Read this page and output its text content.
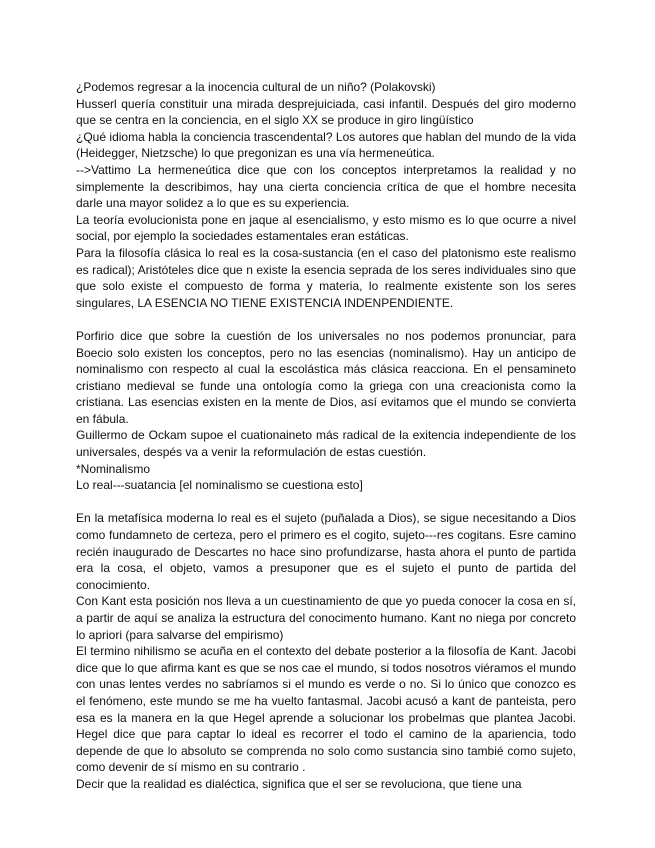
¿Podemos regresar a la inocencia cultural de un niño? (Polakovski)

Husserl quería constituir una mirada desprejuiciada, casi infantil. Después del giro moderno que se centra en la conciencia, en el siglo XX se produce in giro lingüístico

¿Qué idioma habla la conciencia trascendental? Los autores que hablan del mundo de la vida (Heidegger, Nietzsche) lo que pregonizan es una vía hermeneútica.

-->Vattimo La hermeneútica dice que con los conceptos interpretamos la realidad y no simplemente la describimos, hay una cierta conciencia crítica de que el hombre necesita darle una mayor solidez a lo que es su experiencia.

La teoría evolucionista pone en jaque al esencialismo, y esto mismo es lo que ocurre a nivel social, por ejemplo la sociedades estamentales eran estáticas.

Para la filosofía clásica lo real es la cosa-sustancia (en el caso del platonismo este realismo es radical); Aristóteles dice que n existe la esencia seprada de los seres individuales sino que que solo existe el compuesto de forma y materia, lo realmente existente son los seres singulares, LA ESENCIA NO TIENE EXISTENCIA INDENPENDIENTE.

Porfirio dice que sobre la cuestión de los universales no nos podemos pronunciar, para Boecio solo existen los conceptos, pero no las esencias (nominalismo). Hay un anticipo de nominalismo con respecto al cual la escolástica más clásica reacciona. En el pensamineto cristiano medieval se funde una ontología como la griega con una creacionista como la cristiana. Las esencias existen en la mente de Dios, así evitamos que el mundo se convierta en fábula.

Guillermo de Ockam supoe el cuationaineto más radical de la exitencia independiente de los universales, despés va a venir la reformulación de estas cuestión.

*Nominalismo

Lo real---suatancia [el nominalismo se cuestiona esto]

En la metafísica moderna lo real es el sujeto (puñalada a Dios), se sigue necesitando a Dios como fundamneto de certeza, pero el primero es el cogito, sujeto---res cogitans. Esre camino recién inaugurado de Descartes no hace sino profundizarse, hasta ahora el punto de partida era la cosa, el objeto, vamos a presuponer que es el sujeto el punto de partida del conocimiento.

Con Kant esta posición nos lleva a un cuestinamiento de que yo pueda conocer la cosa en sí, a partir de aquí se analiza la estructura del conocimento humano. Kant no niega por concreto lo apriori (para salvarse del empirismo)

El termino nihilismo se acuña en el contexto del debate posterior a la filosofía de Kant. Jacobi dice que lo que afirma kant es que se nos cae el mundo, si todos nosotros viéramos el mundo con unas lentes verdes no sabríamos si el mundo es verde o no. Si lo único que conozco es el fenómeno, este mundo se me ha vuelto fantasmal. Jacobi acusó a kant de panteista, pero esa es la manera en la que Hegel aprende a solucionar los probelmas que plantea Jacobi. Hegel dice que para captar lo ideal es recorrer el todo el camino de la apariencia, todo depende de que lo absoluto se comprenda no solo como sustancia sino tambié como sujeto, como devenir de sí mismo en su contrario .

Decir que la realidad es dialéctica, significa que el ser se revoluciona, que tiene una
